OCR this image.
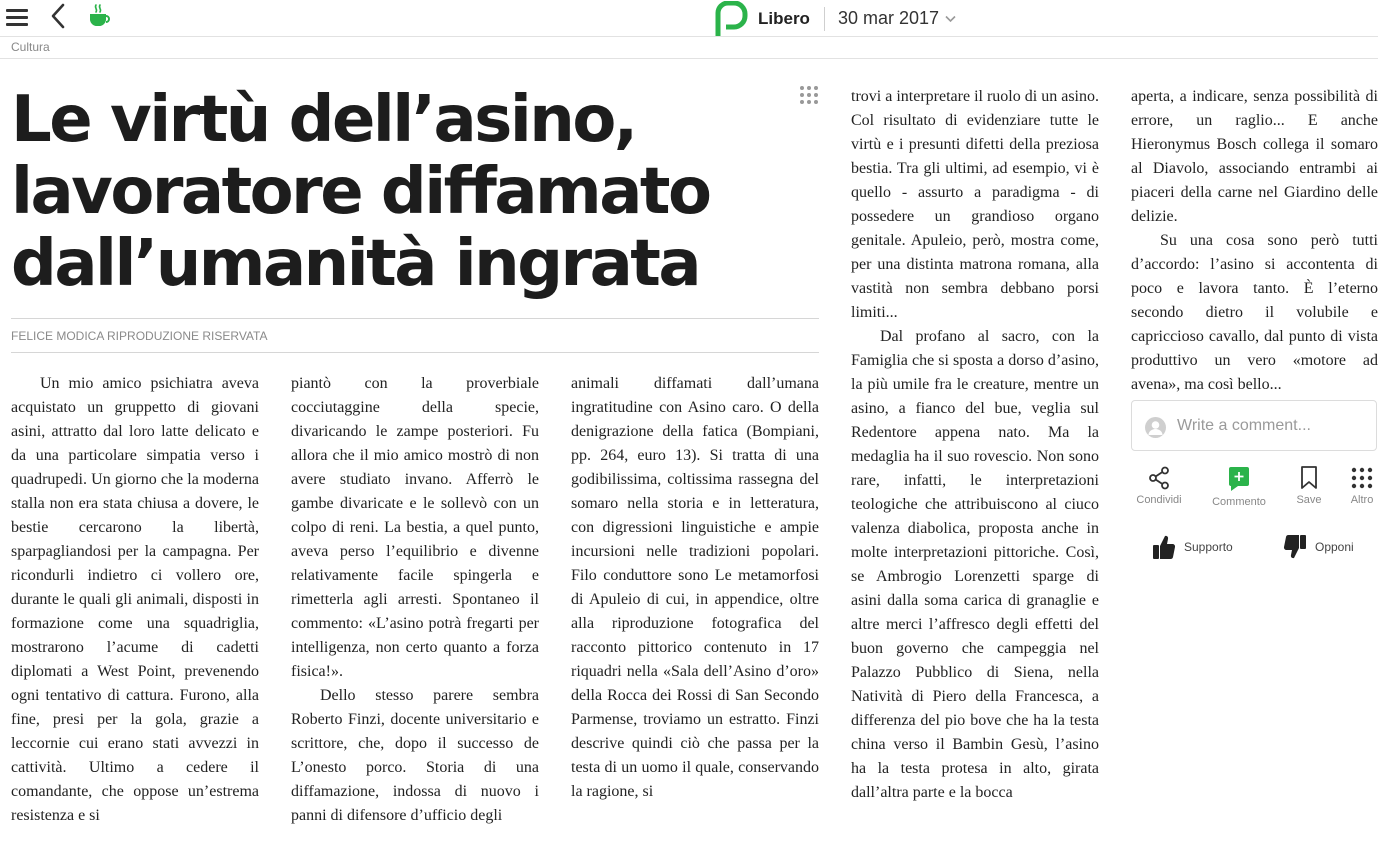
Libero 30 mar 2017
Cultura
Le virtù dell’asino,
lavoratore diffamato
dall’umanità ingrata
FELICE MODICA RIPRODUZIONE RISERVATA

Un mio amico psichiatra aveva acquistato un gruppetto di giovani asini, attratto dal loro latte delicato e da una particolare simpatia verso i quadrupedi. Un giorno che la moderna stalla non era stata chiusa a dovere, le bestie cercarono la libertà, sparpagliandosi per la campagna. Per ricondurli indietro ci vollero ore, durante le quali gli animali, disposti in formazione come una squadriglia, mostrarono l’acume di cadetti diplomati a West Point, prevenendo ogni tentativo di cattura. Furono, alla fine, presi per la gola, grazie a leccornie cui erano stati avvezzi in cattività. Ultimo a cedere il comandante, che oppose un’estrema resistenza e si

piantò con la proverbiale cocciutaggine della specie, divaricando le zampe posteriori. Fu allora che il mio amico mostrò di non avere studiato invano. Afferrò le gambe divaricate e le sollevò con un colpo di reni. La bestia, a quel punto, aveva perso l’equilibrio e divenne relativamente facile spingerla e rimetterla agli arresti. Spontaneo il commento: «L’asino potrà fregarti per intelligenza, non certo quanto a forza fisica!».

Dello stesso parere sembra Roberto Finzi, docente universitario e scrittore, che, dopo il successo de L’onesto porco. Storia di una diffamazione, indossa di nuovo i panni di difensore d’ufficio degli

animali diffamati dall’umana ingratitudine con Asino caro. O della denigrazione della fatica (Bompiani, pp. 264, euro 13). Si tratta di una godibilissima, coltissima rassegna del somaro nella storia e in letteratura, con digressioni linguistiche e ampie incursioni nelle tradizioni popolari. Filo conduttore sono Le metamorfosi di Apuleio di cui, in appendice, oltre alla riproduzione fotografica del racconto pittorico contenuto in 17 riquadri nella «Sala dell’Asino d’oro» della Rocca dei Rossi di San Secondo Parmense, troviamo un estratto. Finzi descrive quindi ciò che passa per la testa di un uomo il quale, conservando la ragione, si

trovi a interpretare il ruolo di un asino. Col risultato di evidenziare tutte le virtù e i presunti difetti della preziosa bestia. Tra gli ultimi, ad esempio, vi è quello - assurto a paradigma - di possedere un grandioso organo genitale. Apuleio, però, mostra come, per una distinta matrona romana, alla vastità non sembra debbano porsi limiti...

Dal profano al sacro, con la Famiglia che si sposta a dorso d’asino, la più umile fra le creature, mentre un asino, a fianco del bue, veglia sul Redentore appena nato. Ma la medaglia ha il suo rovescio. Non sono rare, infatti, le interpretazioni teologiche che attribuiscono al ciuco valenza diabolica, proposta anche in molte interpretazioni pittoriche. Così, se Ambrogio Lorenzetti sparge di asini dalla soma carica di granaglie e altre merci l’affresco degli effetti del buon governo che campeggia nel Palazzo Pubblico di Siena, nella Natività di Piero della Francesca, a differenza del pio bove che ha la testa china verso il Bambin Gesù, l’asino ha la testa protesa in alto, girata dall’altra parte e la bocca

aperta, a indicare, senza possibilità di errore, un raglio... E anche Hieronymus Bosch collega il somaro al Diavolo, associando entrambi ai piaceri della carne nel Giardino delle delizie.

Su una cosa sono però tutti d’accordo: l’asino si accontenta di poco e lavora tanto. È l’eterno secondo dietro il volubile e capriccioso cavallo, dal punto di vista produttivo un vero «motore ad avena», ma così bello...

Write a comment...
Condividi	Commento	Save	Altro
Supporto	Opponi
